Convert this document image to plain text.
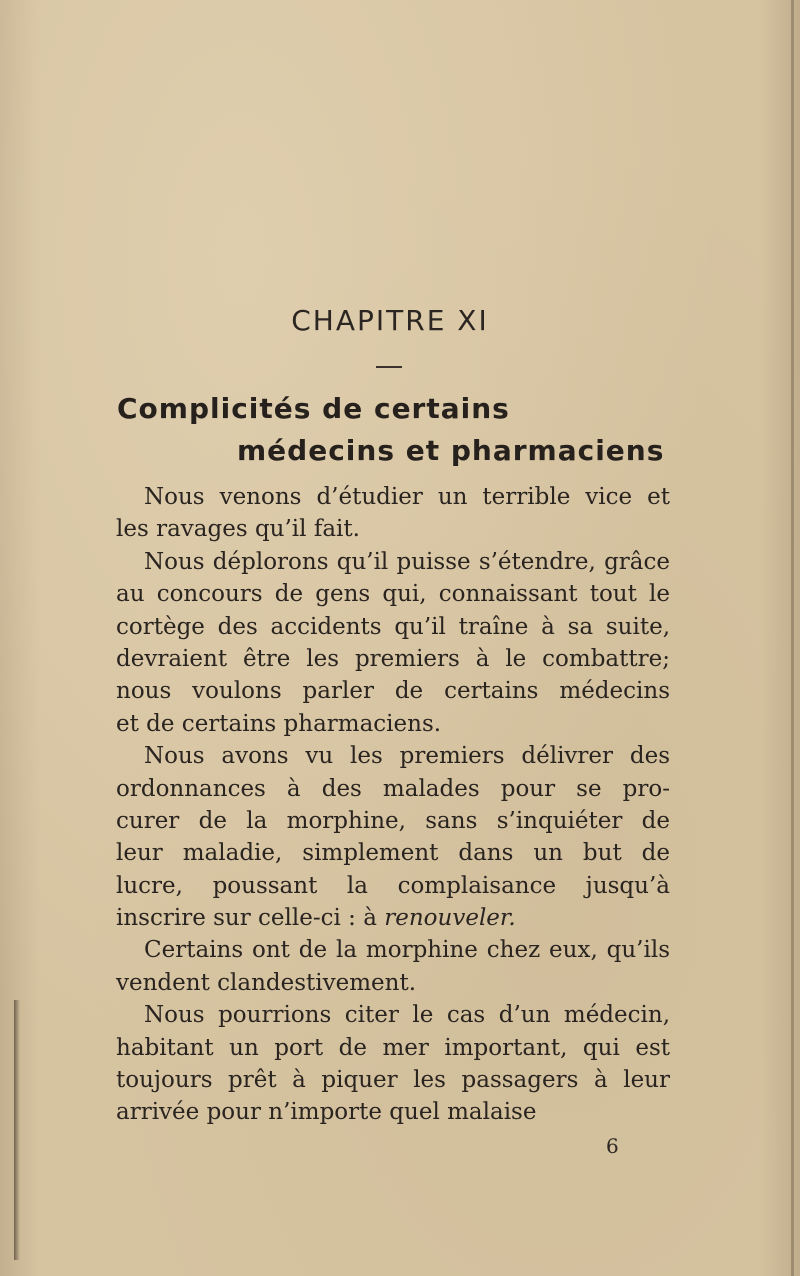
CHAPITRE XI
Complicités de certains
médecins et pharmaciens
Nous venons d’étudier un terrible vice et
les ravages qu’il fait.
Nous déplorons qu’il puisse s’étendre, grâce
au concours de gens qui, connaissant tout le
cortège des accidents qu’il traîne à sa suite,
devraient être les premiers à le combattre;
nous voulons parler de certains médecins
et de certains pharmaciens.
Nous avons vu les premiers délivrer des
ordonnances à des malades pour se pro-
curer de la morphine, sans s’inquiéter de
leur maladie, simplement dans un but de
lucre, poussant la complaisance jusqu’à
inscrire sur celle-ci : à renouveler.
Certains ont de la morphine chez eux, qu’ils
vendent clandestivement.
Nous pourrions citer le cas d’un médecin,
habitant un port de mer important, qui est
toujours prêt à piquer les passagers à leur
arrivée pour n’importe quel malaise
6
